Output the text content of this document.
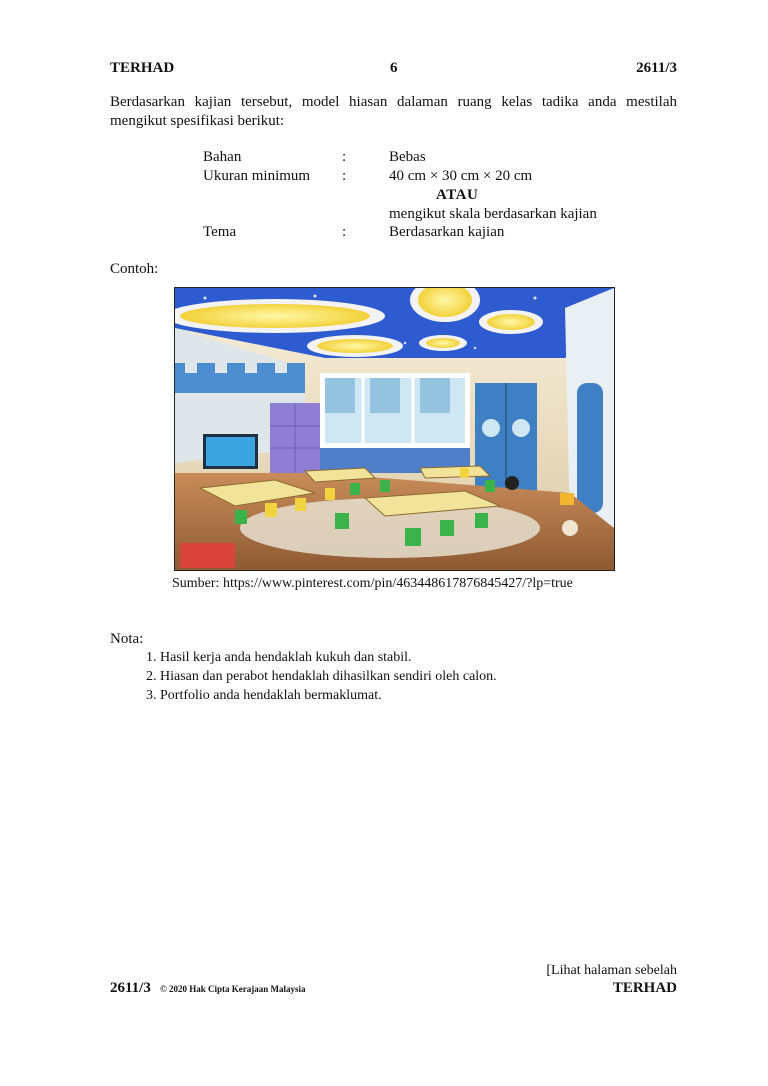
TERHAD	6	2611/3
Berdasarkan kajian tersebut, model hiasan dalaman ruang kelas tadika anda mestilah mengikut spesifikasi berikut:
Bahan	:	Bebas
Ukuran minimum :	40 cm × 30 cm × 20 cm
ATAU
mengikut skala berdasarkan kajian
Tema	:	Berdasarkan kajian
Contoh:
Sumber: https://www.pinterest.com/pin/463448617876845427/?lp=true
Nota:
1. Hasil kerja anda hendaklah kukuh dan stabil.
2. Hiasan dan perabot hendaklah dihasilkan sendiri oleh calon.
3. Portfolio anda hendaklah bermaklumat.
[Lihat halaman sebelah
2611/3 © 2020 Hak Cipta Kerajaan Malaysia	TERHAD
